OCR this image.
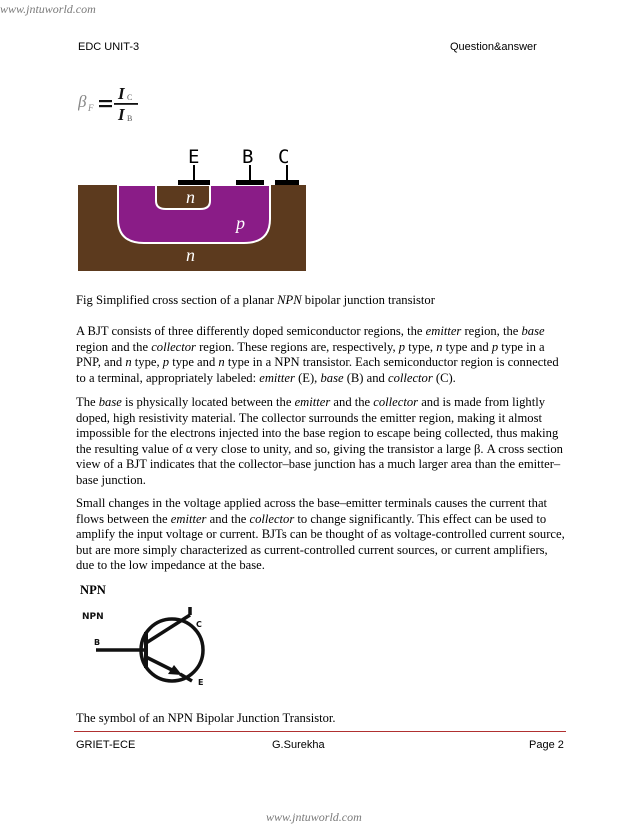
www.jntuworld.com
EDC UNIT-3	Question&answer
β F
I C
I B
E B C
n
p
n

Fig Simplified cross section of a planar NPN bipolar junction transistor

A BJT consists of three differently doped semiconductor regions, the emitter region, the base region and the collector region. These regions are, respectively, p type, n type and p type in a PNP, and n type, p type and n type in a NPN transistor. Each semiconductor region is connected to a terminal, appropriately labeled: emitter (E), base (B) and collector (C).

The base is physically located between the emitter and the collector and is made from lightly doped, high resistivity material. The collector surrounds the emitter region, making it almost impossible for the electrons injected into the base region to escape being collected, thus making the resulting value of α very close to unity, and so, giving the transistor a large β. A cross section view of a BJT indicates that the collector–base junction has a much larger area than the emitter–base junction.

Small changes in the voltage applied across the base–emitter terminals causes the current that flows between the emitter and the collector to change significantly. This effect can be used to amplify the input voltage or current. BJTs can be thought of as voltage-controlled current source, but are more simply characterized as current-controlled current sources, or current amplifiers, due to the low impedance at the base.

NPN
NPN
C
B
E

The symbol of an NPN Bipolar Junction Transistor.

GRIET-ECE	G.Surekha	Page 2
www.jntuworld.com
